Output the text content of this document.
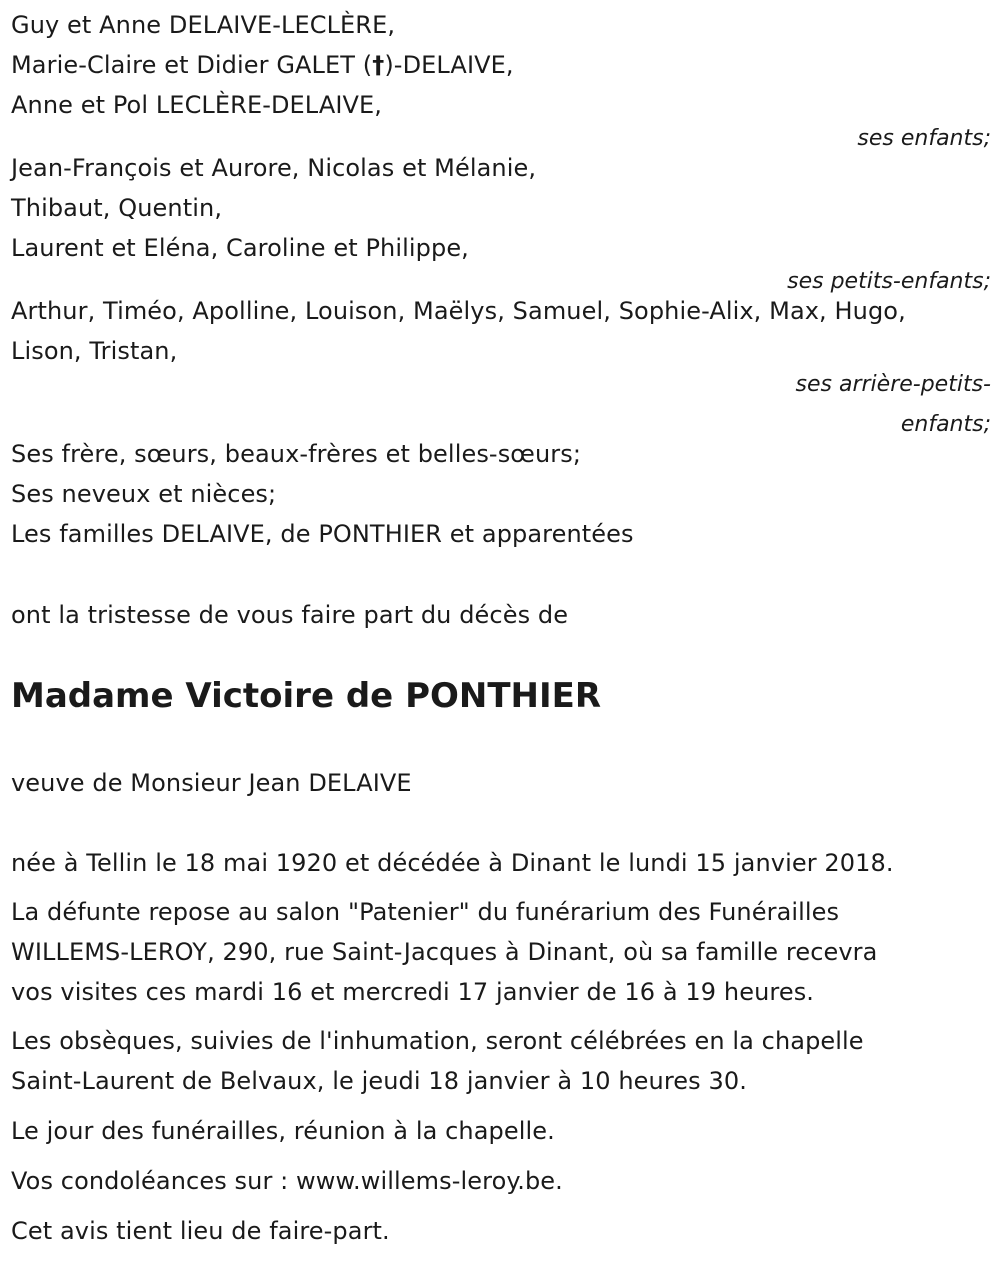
Guy et Anne DELAIVE-LECLÈRE,
Marie-Claire et Didier GALET (†)-DELAIVE,
Anne et Pol LECLÈRE-DELAIVE,
ses enfants;
Jean-François et Aurore, Nicolas et Mélanie,
Thibaut, Quentin,
Laurent et Eléna, Caroline et Philippe,
ses petits-enfants;
Arthur, Timéo, Apolline, Louison, Maëlys, Samuel, Sophie-Alix, Max, Hugo,
Lison, Tristan,
ses arrière-petits-
enfants;
Ses frère, sœurs, beaux-frères et belles-sœurs;
Ses neveux et nièces;
Les familles DELAIVE, de PONTHIER et apparentées
ont la tristesse de vous faire part du décès de
Madame Victoire de PONTHIER
veuve de Monsieur Jean DELAIVE
née à Tellin le 18 mai 1920 et décédée à Dinant le lundi 15 janvier 2018.
La défunte repose au salon "Patenier" du funérarium des Funérailles
WILLEMS-LEROY, 290, rue Saint-Jacques à Dinant, où sa famille recevra
vos visites ces mardi 16 et mercredi 17 janvier de 16 à 19 heures.
Les obsèques, suivies de l'inhumation, seront célébrées en la chapelle
Saint-Laurent de Belvaux, le jeudi 18 janvier à 10 heures 30.
Le jour des funérailles, réunion à la chapelle.
Vos condoléances sur : www.willems-leroy.be.
Cet avis tient lieu de faire-part.
